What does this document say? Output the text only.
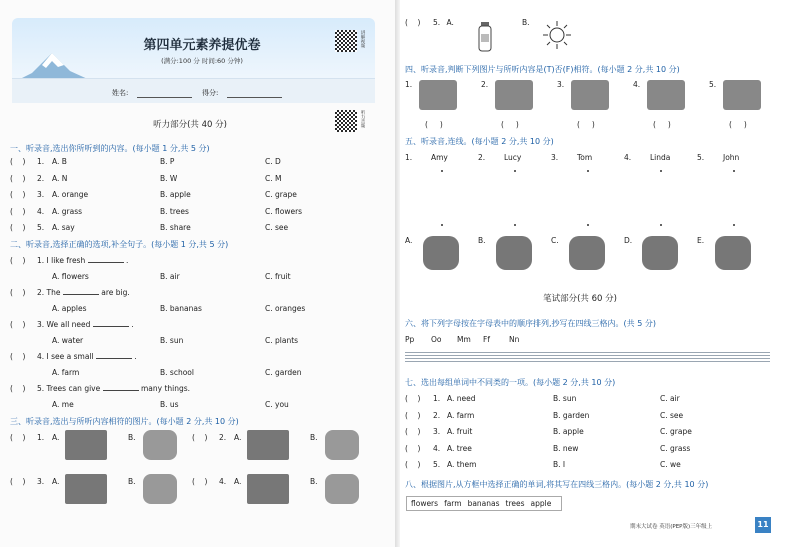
第四单元素养提优卷
(满分:100 分 时间:60 分钟)
讲解视频
姓名:	得分:
听力部分(共 40 分)	听力音频
一、听录音,选出你所听到的内容。(每小题 1 分,共 5 分)
(    ) 1. A. B	B. P	C. D
(    ) 2. A. N	B. W	C. M
(    ) 3. A. orange	B. apple	C. grape
(    ) 4. A. grass	B. trees	C. flowers
(    ) 5. A. say	B. share	C. see
二、听录音,选择正确的选项,补全句子。(每小题 1 分,共 5 分)
(    ) 1. I like fresh	.
A. flowers	B. air	C. fruit
(    ) 2. The	are big.
A. apples	B. bananas	C. oranges
(    ) 3. We all need	.
A. water	B. sun	C. plants
(    ) 4. I see a small	.
A. farm	B. school	C. garden
(    ) 5. Trees can give	many things.
A. me	B. us	C. you
三、听录音,选出与所听内容相符的图片。(每小题 2 分,共 10 分)
(    ) 1. A.	B.	(    ) 2. A.	B.
(    ) 3. A.	B.	(    ) 4. A.	B.
(    ) 5. A.	B.
四、听录音,判断下列图片与所听内容是(T)否(F)相符。(每小题 2 分,共 10 分)
1.
(     )
2.
(     )
3.
(     )
4.
(     )
5.
(     )
五、听录音,连线。(每小题 2 分,共 10 分)
1.	Amy	2.	Lucy	3.	Tom	4.	Linda	5.	John
A.	B.	C.	D.	E.
笔试部分(共 60 分)
六、将下列字母按在字母表中的顺序排列,抄写在四线三格内。(共 5 分)
Pp Oo Mm Ff	Nn
七、选出每组单词中不同类的一项。(每小题 2 分,共 10 分)
(    ) 1. A. need	B. sun	C. air
(    ) 2. A. farm	B. garden	C. see
(    ) 3. A. fruit	B. apple	C. grape
(    ) 4. A. tree	B. new	C. grass
(    ) 5. A. them	B. I	C. we
八、根据图片,从方框中选择正确的单词,将其写在四线三格内。(每小题 2 分,共 10 分)
flowers farm bananas trees apple
期末大试卷 英语(PEP版)三年级上	11
